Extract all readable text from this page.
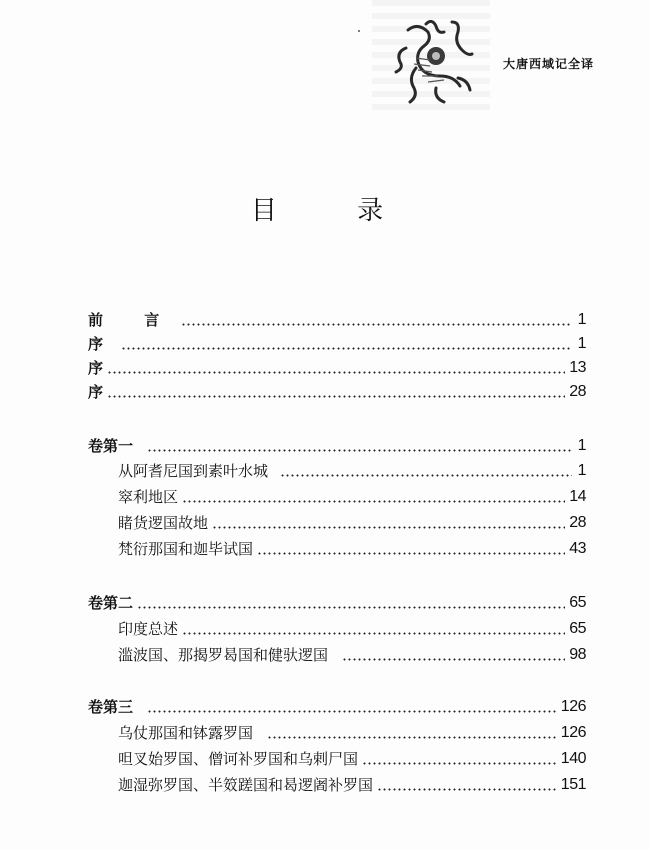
大唐西域记全译
目 录
前 言	1
序	1
序	13
序	28
卷第一	1
从阿耆尼国到素叶水城	1
窣利地区	14
睹货逻国故地	28
梵衍那国和迦毕试国	43
卷第二	65
印度总述	65
滥波国、那揭罗曷国和健驮逻国	98
卷第三	126
乌仗那国和钵露罗国	126
呾叉始罗国、僧诃补罗国和乌剌尸国	140
迦湿弥罗国、半笯蹉国和曷逻阇补罗国	151
